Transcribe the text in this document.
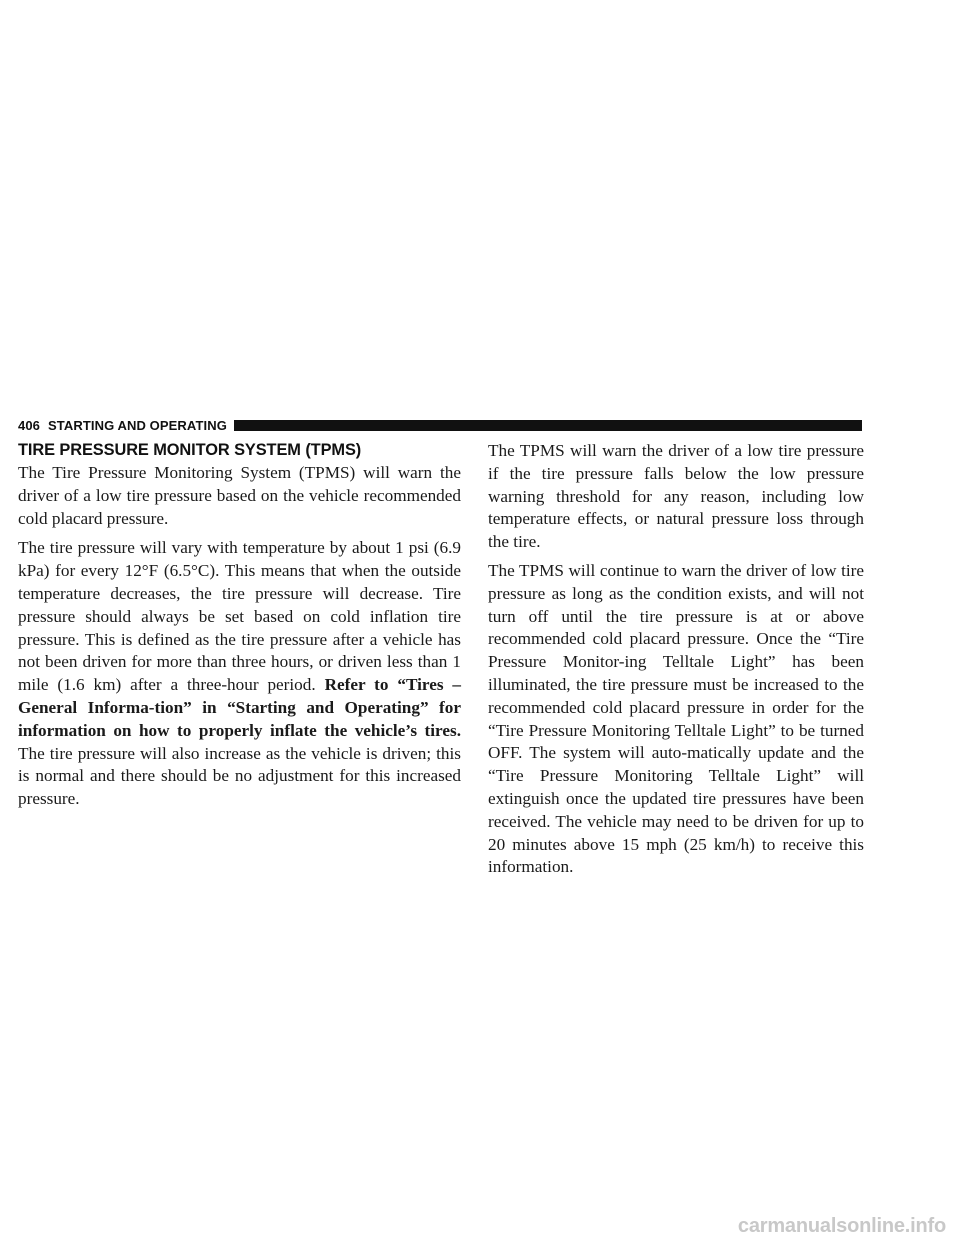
406 STARTING AND OPERATING
TIRE PRESSURE MONITOR SYSTEM (TPMS)

The Tire Pressure Monitoring System (TPMS) will warn the driver of a low tire pressure based on the vehicle recommended cold placard pressure.

The tire pressure will vary with temperature by about 1 psi (6.9 kPa) for every 12°F (6.5°C). This means that when the outside temperature decreases, the tire pressure will decrease. Tire pressure should always be set based on cold inflation tire pressure. This is defined as the tire pressure after a vehicle has not been driven for more than three hours, or driven less than 1 mile (1.6 km) after a three-hour period. Refer to “Tires – General Informa-tion” in “Starting and Operating” for information on how to properly inflate the vehicle’s tires. The tire pressure will also increase as the vehicle is driven; this is normal and there should be no adjustment for this increased pressure.

The TPMS will warn the driver of a low tire pressure if the tire pressure falls below the low pressure warning threshold for any reason, including low temperature effects, or natural pressure loss through the tire.

The TPMS will continue to warn the driver of low tire pressure as long as the condition exists, and will not turn off until the tire pressure is at or above recommended cold placard pressure. Once the “Tire Pressure Monitor-ing Telltale Light” has been illuminated, the tire pressure must be increased to the recommended cold placard pressure in order for the “Tire Pressure Monitoring Telltale Light” to be turned OFF. The system will auto-matically update and the “Tire Pressure Monitoring Telltale Light” will extinguish once the updated tire pressures have been received. The vehicle may need to be driven for up to 20 minutes above 15 mph (25 km/h) to receive this information.

carmanualsonline.info
